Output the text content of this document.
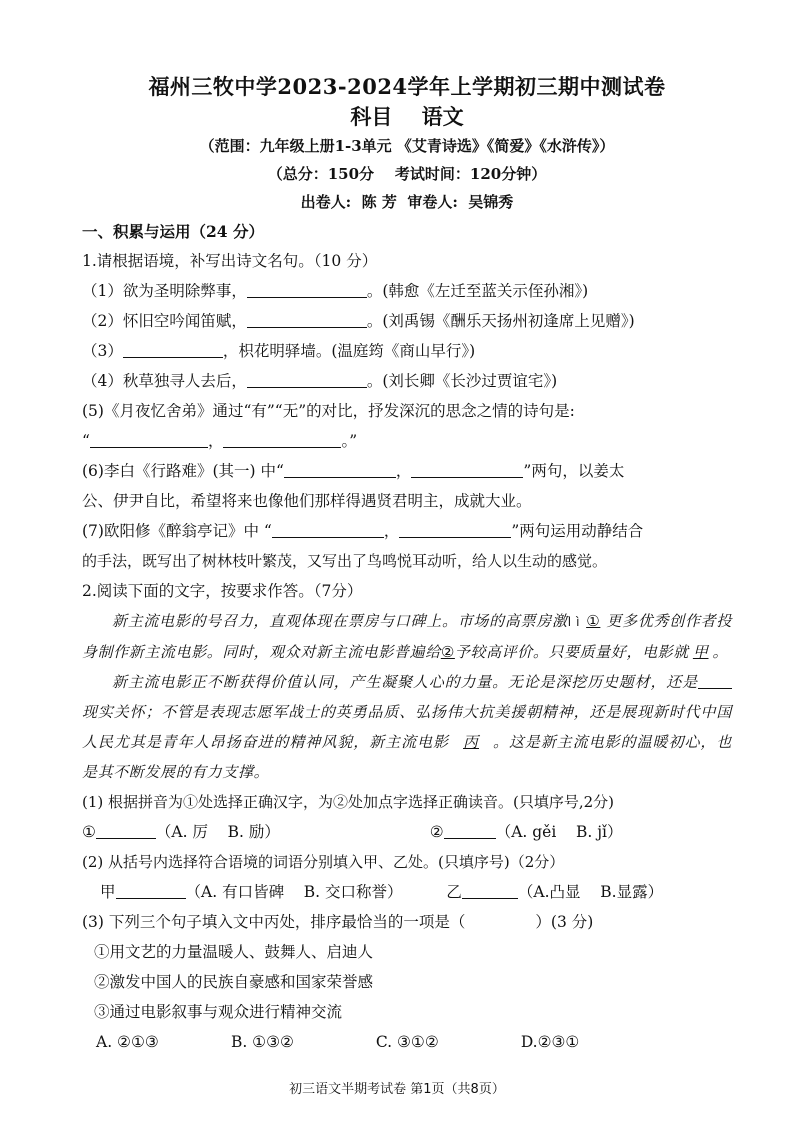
福州三牧中学2023-2024学年上学期初三期中测试卷
科目 语文
（范围：九年级上册1-3单元 《艾青诗选》《简爱》《水浒传》）
（总分：150分    考试时间：120分钟）
出卷人:  陈 芳  审卷人:  吴锦秀
一、积累与运用（24 分）
1.请根据语境，补写出诗文名句。（10 分）
（1）欲为圣明除弊事，	。(韩愈《左迁至蓝关示侄孙湘》)
（2）怀旧空吟闻笛赋，	。(刘禹锡《酬乐天扬州初逢席上见赠》)
（3）	，枳花明驿墙。(温庭筠《商山早行》)
（4）秋草独寻人去后，	。(刘长卿《长沙过贾谊宅》)
(5)《月夜忆舍弟》通过“有”“无”的对比，抒发深沉的思念之情的诗句是:
“	，	。”
(6)李白《行路难》(其一) 中“	，	”两句，以姜太
公、伊尹自比，希望将来也像他们那样得遇贤君明主，成就大业。
(7)欧阳修《醉翁亭记》中 “	，	”两句运用动静结合
的手法，既写出了树林枝叶繁茂，又写出了鸟鸣悦耳动听，给人以生动的感觉。
2.阅读下面的文字，按要求作答。（7分）
新主流电影的号召力，直观体现在票房与口碑上。市场的高票房激l ì ① 更多优秀创作者投身制作新主流电影。同时，观众对新主流电影普遍给②予较高评价。只要质量好，电影就 甲 。
新主流电影正不断获得价值认同，产生凝聚人心的力量。无论是深挖历史题材，还是现实关怀；不管是表现志愿军战士的英勇品质、弘扬伟大抗美援朝精神，还是展现新时代中国人民尤其是青年人昂扬奋进的精神风貌，新主流电影 丙 。这是新主流电影的温暖初心，也是其不断发展的有力支撑。
(1) 根据拼音为①处选择正确汉字，为②处加点字选择正确读音。(只填序号,2分)
①	（A. 厉    B. 励）	②	（A. gěi    B. jǐ）
(2) 从括号内选择符合语境的词语分别填入甲、乙处。(只填序号)（2分）
甲	（A. 有口皆碑    B. 交口称誉）	乙	（A.凸显    B.显露）
(3) 下列三个句子填入文中丙处，排序最恰当的一项是（	）(3 分)
①用文艺的力量温暖人、鼓舞人、启迪人
②激发中国人的民族自豪感和国家荣誉感
③通过电影叙事与观众进行精神交流
A. ②①③	B. ①③②	C. ③①②	D.②③①
初三语文半期考试卷 第1页（共8页）
